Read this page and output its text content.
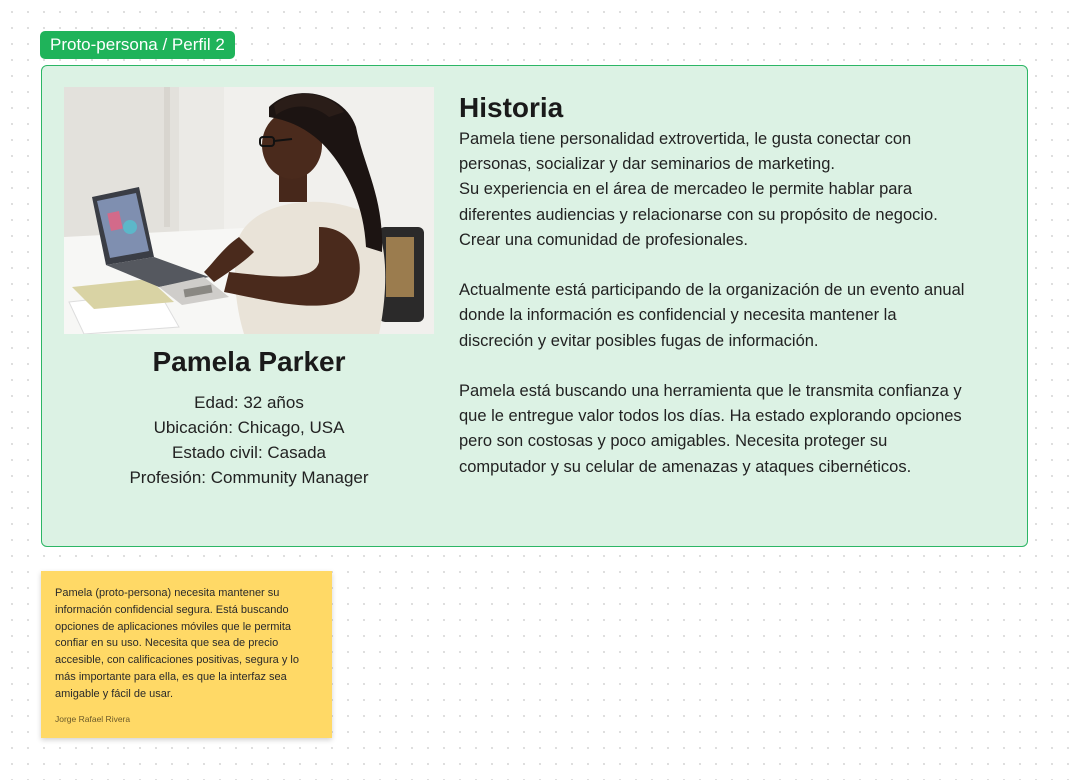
Proto-persona / Perfil 2
Pamela Parker
Edad: 32 años
Ubicación: Chicago, USA
Estado civil: Casada
Profesión: Community Manager
Historia

Pamela tiene personalidad extrovertida, le gusta conectar con
personas, socializar y dar seminarios de marketing.
Su experiencia en el área de mercadeo le permite hablar para
diferentes audiencias y relacionarse con su propósito de negocio.
Crear una comunidad de profesionales.

Actualmente está participando de la organización de un evento anual
donde la información es confidencial y necesita mantener la
discreción y evitar posibles fugas de información.

Pamela está buscando una herramienta que le transmita confianza y
que le entregue valor todos los días. Ha estado explorando opciones
pero son costosas y poco amigables. Necesita proteger su
computador y su celular de amenazas y ataques cibernéticos.

Pamela (proto-persona) necesita mantener su
información confidencial segura. Está buscando
opciones de aplicaciones móviles que le permita
confiar en su uso. Necesita que sea de precio
accesible, con calificaciones positivas, segura y lo
más importante para ella, es que la interfaz sea
amigable y fácil de usar.
Jorge Rafael Rivera
